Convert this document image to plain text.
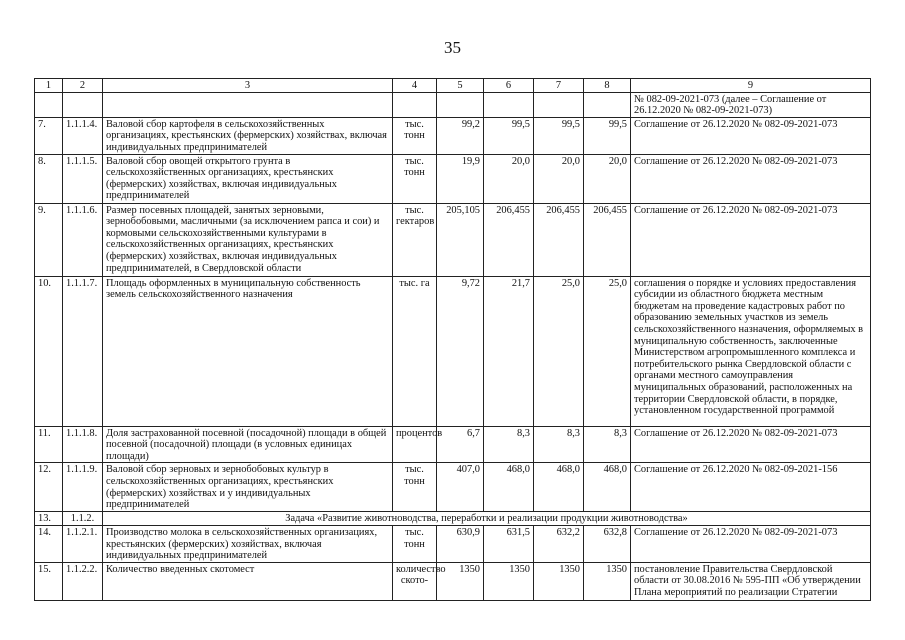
35
1	2	3	4	5	6	7	8	9
								№ 082-09-2021-073 (далее – Соглашение от 26.12.2020 № 082-09-2021-073)
7.	1.1.1.4.	Валовой сбор картофеля в сельскохозяйственных организациях, крестьянских (фермерских) хозяйствах, включая индивидуальных предпринимателей	тыс. тонн	99,2	99,5	99,5	99,5	Соглашение от 26.12.2020 № 082-09-2021-073
8.	1.1.1.5.	Валовой сбор овощей открытого грунта в сельскохозяйственных организациях, крестьянских (фермерских) хозяйствах, включая индивидуальных предпринимателей	тыс. тонн	19,9	20,0	20,0	20,0	Соглашение от 26.12.2020 № 082-09-2021-073
9.	1.1.1.6.	Размер посевных площадей, занятых зерновыми, зернобобовыми, масличными (за исключением рапса и сои) и кормовыми сельскохозяйственными культурами в сельскохозяйственных организациях, крестьянских (фермерских) хозяйствах, включая индивидуальных предпринимателей, в Свердловской области	тыс. гектаров	205,105	206,455	206,455	206,455	Соглашение от 26.12.2020 № 082-09-2021-073
10.	1.1.1.7.	Площадь оформленных в муниципальную собственность земель сельскохозяйственного назначения	тыс. га	9,72	21,7	25,0	25,0	соглашения о порядке и условиях предоставления субсидии из областного бюджета местным бюджетам на проведение кадастровых работ по образованию земельных участков из земель сельскохозяйственного назначения, оформляемых в муниципальную собственность, заключенные Министерством агропромышленного комплекса и потребительского рынка Свердловской области с органами местного самоуправления муниципальных образований, расположенных на территории Свердловской области, в порядке, установленном государственной программой
11.	1.1.1.8.	Доля застрахованной посевной (посадочной) площади в общей посевной (посадочной) площади (в условных единицах площади)	процентов	6,7	8,3	8,3	8,3	Соглашение от 26.12.2020 № 082-09-2021-073
12.	1.1.1.9.	Валовой сбор зерновых и зернобобовых культур в сельскохозяйственных организациях, крестьянских (фермерских) хозяйствах и у индивидуальных предпринимателей	тыс. тонн	407,0	468,0	468,0	468,0	Соглашение от 26.12.2020 № 082-09-2021-156
13.	1.1.2.	Задача «Развитие животноводства, переработки и реализации продукции животноводства»						
14.	1.1.2.1.	Производство молока в сельскохозяйственных организациях, крестьянских (фермерских) хозяйствах, включая индивидуальных предпринимателей	тыс. тонн	630,9	631,5	632,2	632,8	Соглашение от 26.12.2020 № 082-09-2021-073
15.	1.1.2.2.	Количество введенных скотомест	количество ското-	1350	1350	1350	1350	постановление Правительства Свердловской области от 30.08.2016 № 595-ПП «Об утверждении Плана мероприятий по реализации Стратегии
